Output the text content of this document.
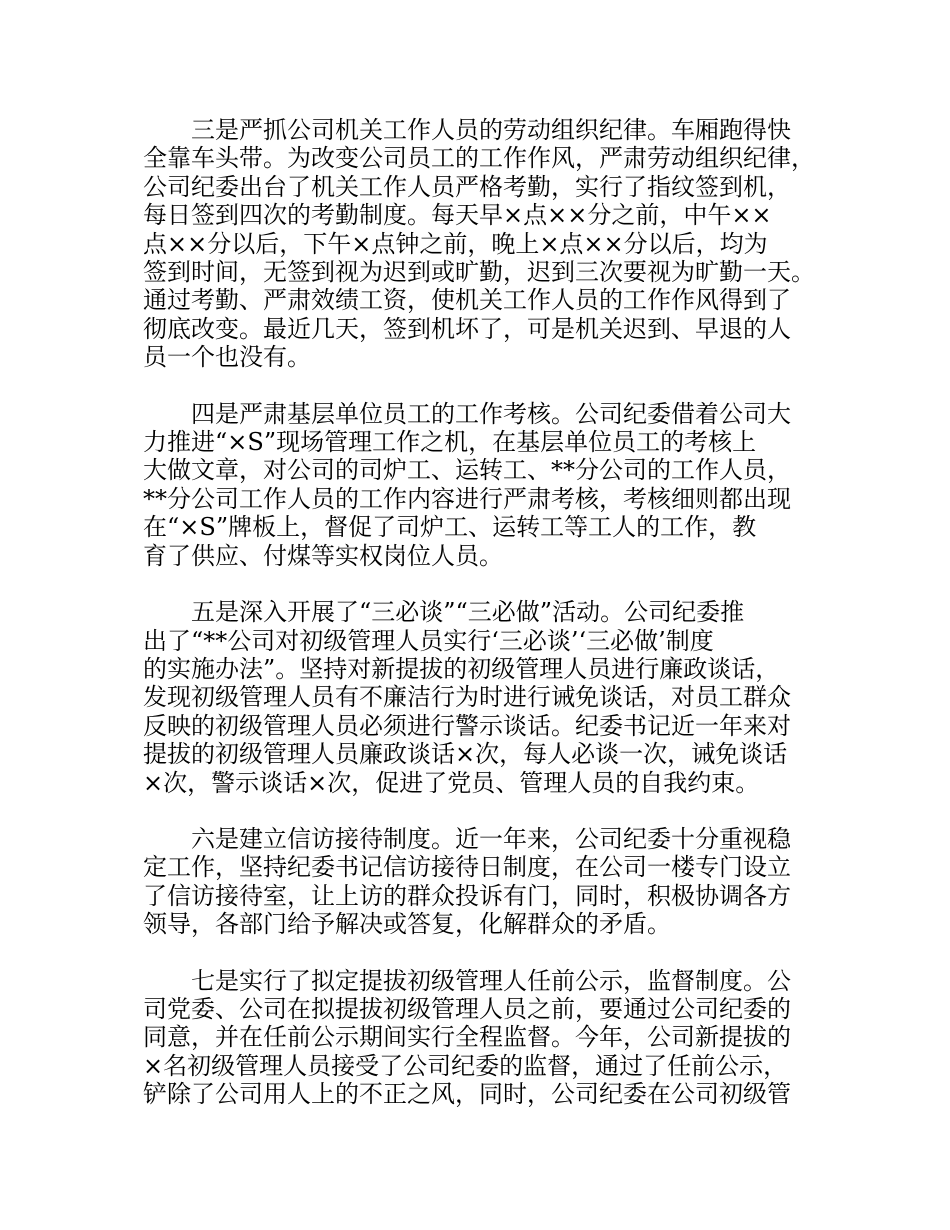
三是严抓公司机关工作人员的劳动组织纪律。车厢跑得快
全靠车头带。为改变公司员工的工作作风，严肃劳动组织纪律，
公司纪委出台了机关工作人员严格考勤，实行了指纹签到机，
每日签到四次的考勤制度。每天早×点××分之前，中午××
点××分以后，下午×点钟之前，晚上×点××分以后，均为
签到时间，无签到视为迟到或旷勤，迟到三次要视为旷勤一天。
通过考勤、严肃效绩工资，使机关工作人员的工作作风得到了
彻底改变。最近几天，签到机坏了，可是机关迟到、早退的人
员一个也没有。
四是严肃基层单位员工的工作考核。公司纪委借着公司大
力推进“×S”现场管理工作之机，在基层单位员工的考核上
大做文章，对公司的司炉工、运转工、**分公司的工作人员，
**分公司工作人员的工作内容进行严肃考核，考核细则都出现
在“×S”牌板上，督促了司炉工、运转工等工人的工作，教
育了供应、付煤等实权岗位人员。
五是深入开展了“三必谈”“三必做”活动。公司纪委推
出了“**公司对初级管理人员实行‘三必谈’‘三必做’制度
的实施办法”。坚持对新提拔的初级管理人员进行廉政谈话，
发现初级管理人员有不廉洁行为时进行诫免谈话，对员工群众
反映的初级管理人员必须进行警示谈话。纪委书记近一年来对
提拔的初级管理人员廉政谈话×次，每人必谈一次，诫免谈话
×次，警示谈话×次，促进了党员、管理人员的自我约束。
六是建立信访接待制度。近一年来，公司纪委十分重视稳
定工作，坚持纪委书记信访接待日制度，在公司一楼专门设立
了信访接待室，让上访的群众投诉有门，同时，积极协调各方
领导，各部门给予解决或答复，化解群众的矛盾。
七是实行了拟定提拔初级管理人任前公示，监督制度。公
司党委、公司在拟提拔初级管理人员之前，要通过公司纪委的
同意，并在任前公示期间实行全程监督。今年，公司新提拔的
×名初级管理人员接受了公司纪委的监督，通过了任前公示，
铲除了公司用人上的不正之风，同时，公司纪委在公司初级管
